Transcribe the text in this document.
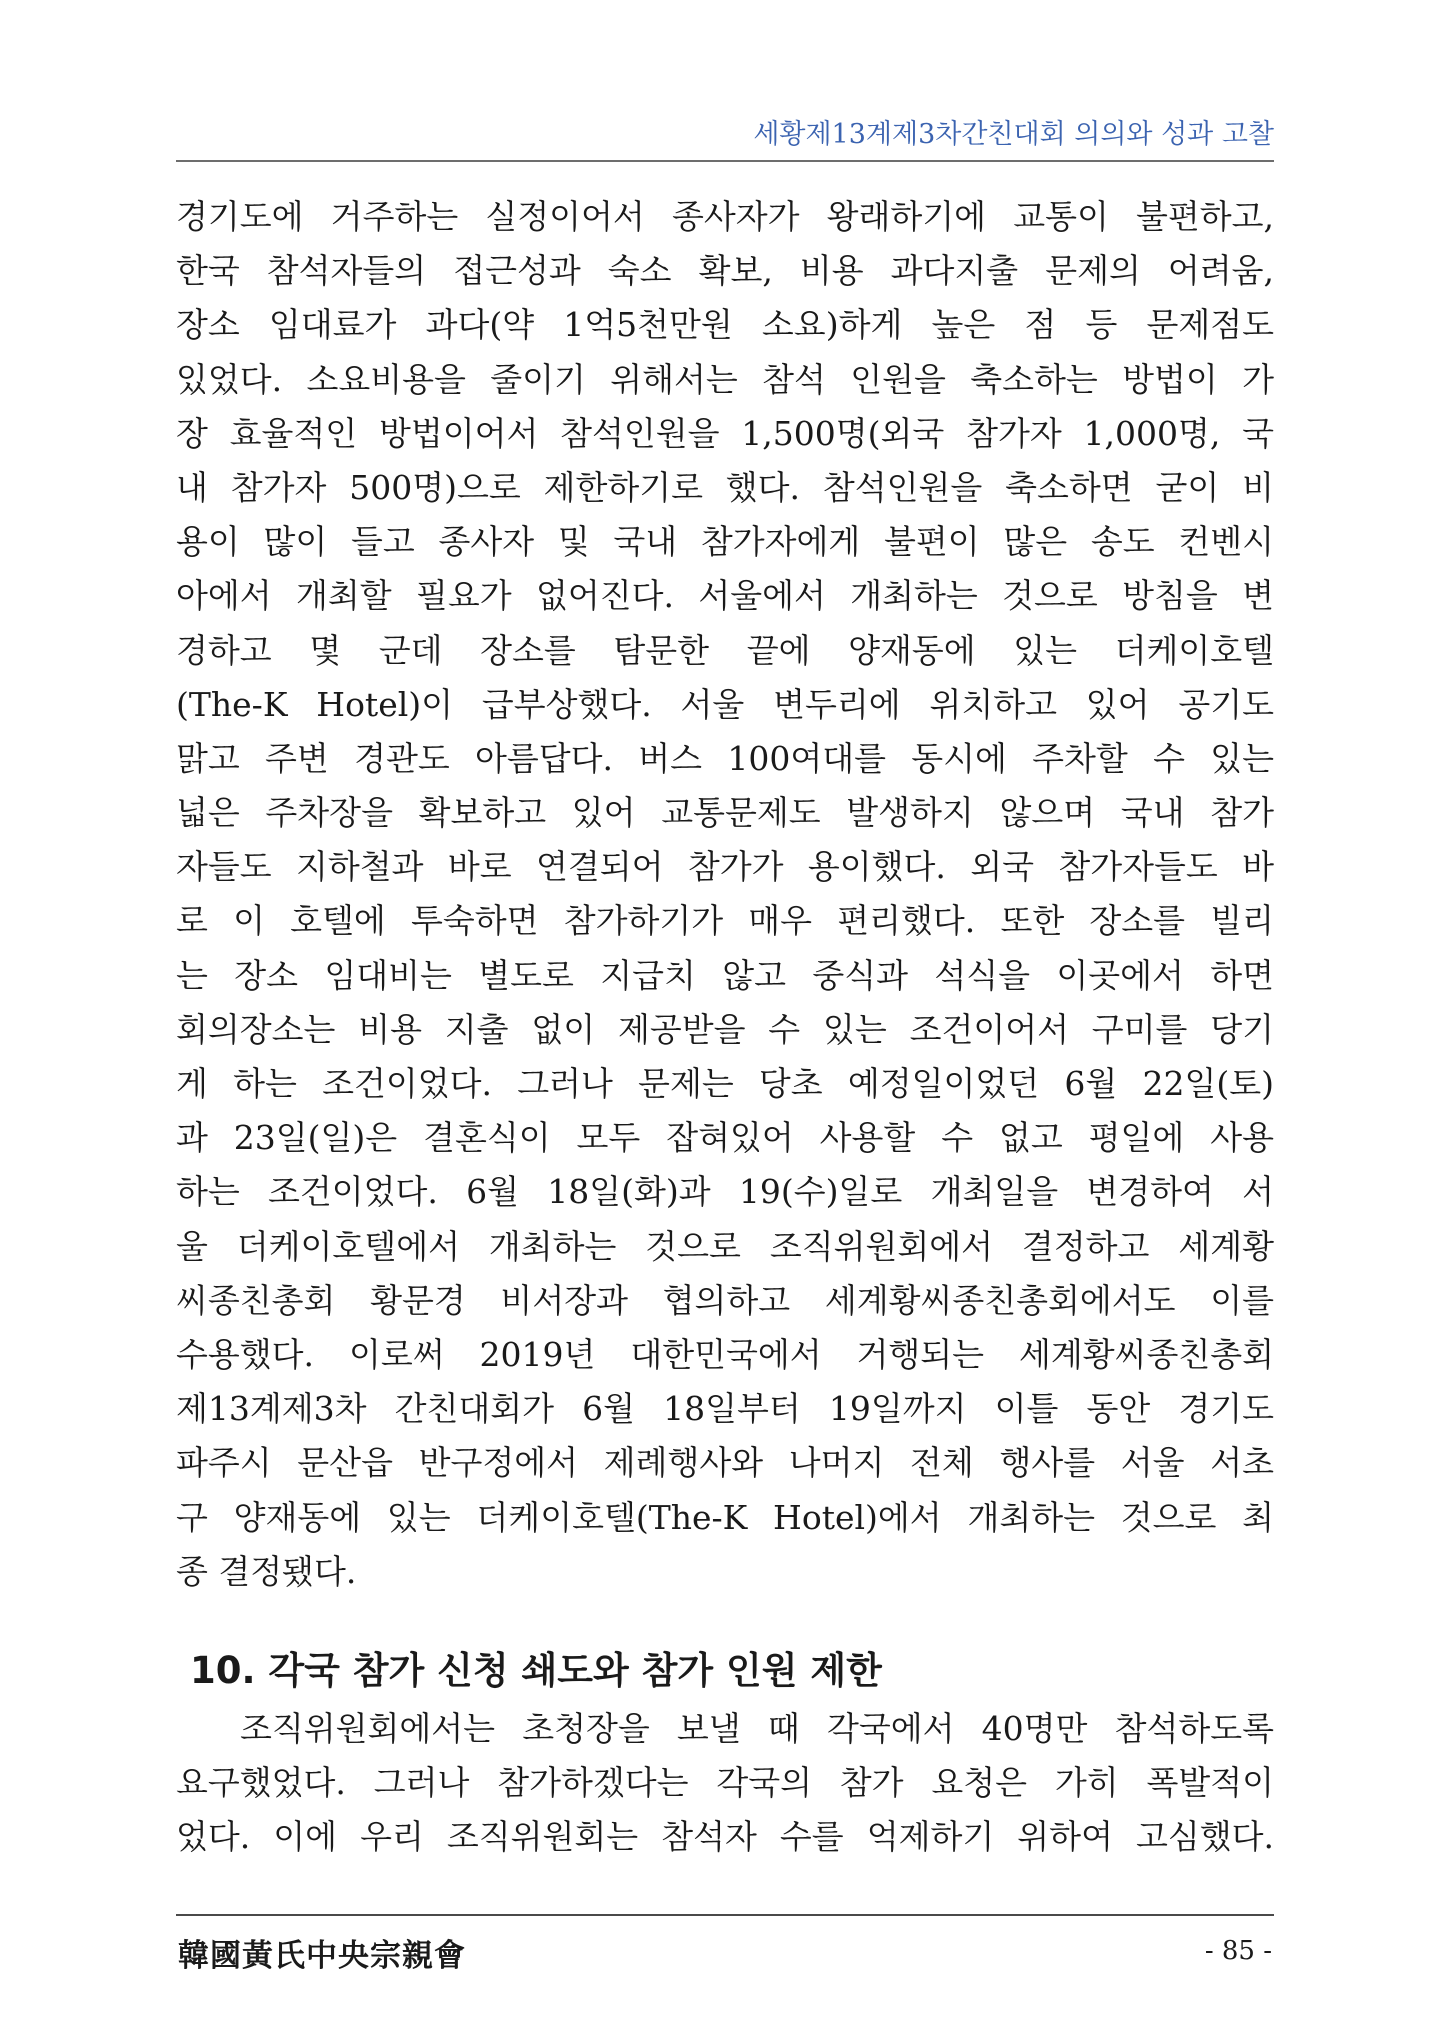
세황제13계제3차간친대회 의의와 성과 고찰
경기도에 거주하는 실정이어서 종사자가 왕래하기에 교통이 불편하고,
한국 참석자들의 접근성과 숙소 확보, 비용 과다지출 문제의 어려움,
장소 임대료가 과다(약 1억5천만원 소요)하게 높은 점 등 문제점도
있었다. 소요비용을 줄이기 위해서는 참석 인원을 축소하는 방법이 가
장 효율적인 방법이어서 참석인원을 1,500명(외국 참가자 1,000명, 국
내 참가자 500명)으로 제한하기로 했다. 참석인원을 축소하면 굳이 비
용이 많이 들고 종사자 및 국내 참가자에게 불편이 많은 송도 컨벤시
아에서 개최할 필요가 없어진다. 서울에서 개최하는 것으로 방침을 변
경하고 몇 군데 장소를 탐문한 끝에 양재동에 있는 더케이호텔
(The-K Hotel)이 급부상했다. 서울 변두리에 위치하고 있어 공기도
맑고 주변 경관도 아름답다. 버스 100여대를 동시에 주차할 수 있는
넓은 주차장을 확보하고 있어 교통문제도 발생하지 않으며 국내 참가
자들도 지하철과 바로 연결되어 참가가 용이했다. 외국 참가자들도 바
로 이 호텔에 투숙하면 참가하기가 매우 편리했다. 또한 장소를 빌리
는 장소 임대비는 별도로 지급치 않고 중식과 석식을 이곳에서 하면
회의장소는 비용 지출 없이 제공받을 수 있는 조건이어서 구미를 당기
게 하는 조건이었다. 그러나 문제는 당초 예정일이었던 6월 22일(토)
과 23일(일)은 결혼식이 모두 잡혀있어 사용할 수 없고 평일에 사용
하는 조건이었다. 6월 18일(화)과 19(수)일로 개최일을 변경하여 서
울 더케이호텔에서 개최하는 것으로 조직위원회에서 결정하고 세계황
씨종친총회 황문경 비서장과 협의하고 세계황씨종친총회에서도 이를
수용했다. 이로써 2019년 대한민국에서 거행되는 세계황씨종친총회
제13계제3차 간친대회가 6월 18일부터 19일까지 이틀 동안 경기도
파주시 문산읍 반구정에서 제례행사와 나머지 전체 행사를 서울 서초
구 양재동에 있는 더케이호텔(The-K Hotel)에서 개최하는 것으로 최
종 결정됐다.
10. 각국 참가 신청 쇄도와 참가 인원 제한
조직위원회에서는 초청장을 보낼 때 각국에서 40명만 참석하도록
요구했었다. 그러나 참가하겠다는 각국의 참가 요청은 가히 폭발적이
었다. 이에 우리 조직위원회는 참석자 수를 억제하기 위하여 고심했다.
韓國黃氏中央宗親會	- 85 -
